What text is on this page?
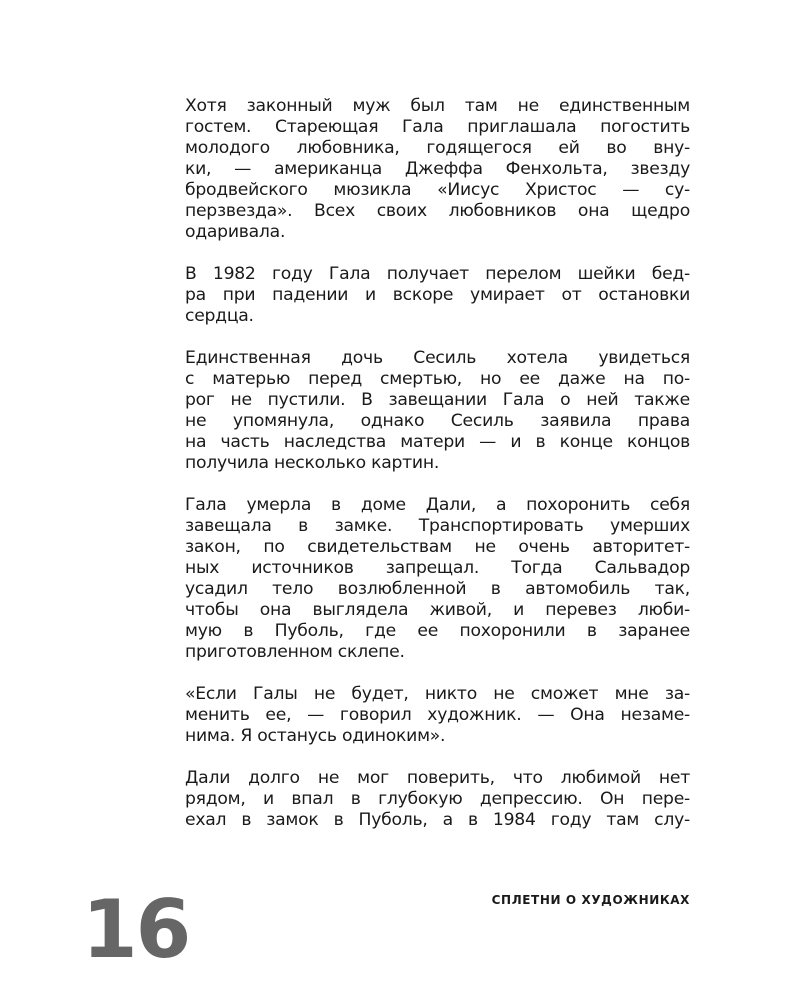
Хотя законный муж был там не единственным
гостем. Стареющая Гала приглашала погостить
молодого любовника, годящегося ей во вну-
ки, — американца Джеффа Фенхольта, звезду
бродвейского мюзикла «Иисус Христос — су-
перзвезда». Всех своих любовников она щедро
одаривала.

В 1982 году Гала получает перелом шейки бед-
ра при падении и вскоре умирает от остановки
сердца.

Единственная дочь Сесиль хотела увидеться
с матерью перед смертью, но ее даже на по-
рог не пустили. В завещании Гала о ней также
не упомянула, однако Сесиль заявила права
на часть наследства матери — и в конце концов
получила несколько картин.

Гала умерла в доме Дали, а похоронить себя
завещала в замке. Транспортировать умерших
закон, по свидетельствам не очень авторитет-
ных источников запрещал. Тогда Сальвадор
усадил тело возлюбленной в автомобиль так,
чтобы она выглядела живой, и перевез люби-
мую в Пуболь, где ее похоронили в заранее
приготовленном склепе.

«Если Галы не будет, никто не сможет мне за-
менить ее, — говорил художник. — Она незаме-
нима. Я останусь одиноким».

Дали долго не мог поверить, что любимой нет
рядом, и впал в глубокую депрессию. Он пере-
ехал в замок в Пуболь, а в 1984 году там слу-

СПЛЕТНИ О ХУДОЖНИКАХ
16
